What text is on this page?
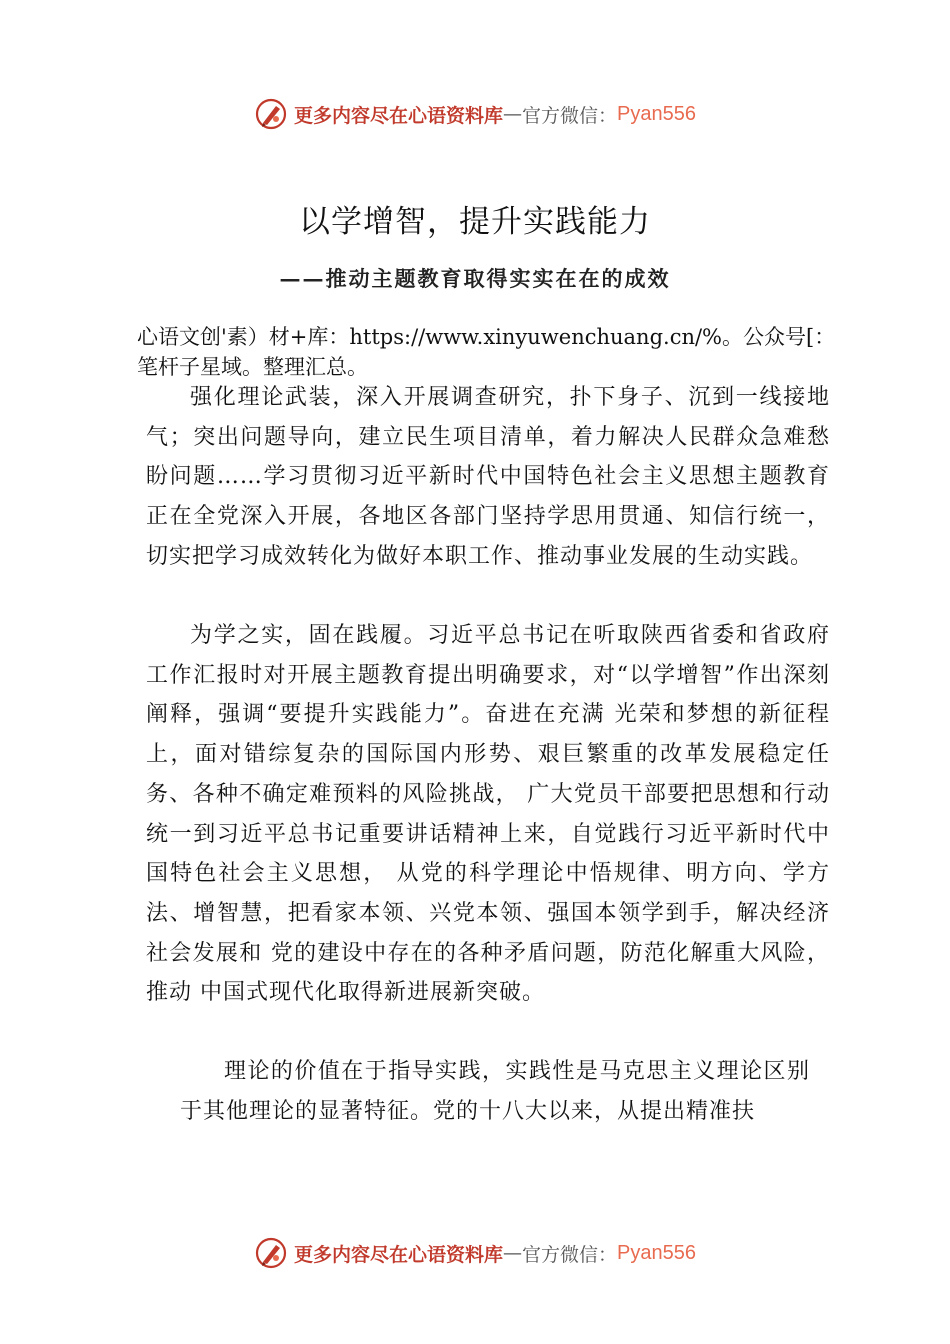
更多内容尽在心语资料库 — 官方微信： Pyan556
以学增智，提升实践能力
——推动主题教育取得实实在在的成效

心语文创'素）材+库：https://www.xinyuwenchuang.cn/%。公众号[：笔杆子星域。整理汇总。

强化理论武装，深入开展调查研究，扑下身子、沉到一线接地气；突出问题导向，建立民生项目清单，着力解决人民群众急难愁盼问题……学习贯彻习近平新时代中国特色社会主义思想主题教育正在全党深入开展，各地区各部门坚持学思用贯通、知信行统一，切实把学习成效转化为做好本职工作、推动事业发展的生动实践。

为学之实，固在践履。习近平总书记在听取陕西省委和省政府工作汇报时对开展主题教育提出明确要求，对“以学增智”作出深刻阐释，强调“要提升实践能力”。奋进在充满 光荣和梦想的新征程上，面对错综复杂的国际国内形势、艰巨繁重的改革发展稳定任务、各种不确定难预料的风险挑战， 广大党员干部要把思想和行动统一到习近平总书记重要讲话精神上来，自觉践行习近平新时代中国特色社会主义思想， 从党的科学理论中悟规律、明方向、学方法、增智慧，把看家本领、兴党本领、强国本领学到手，解决经济社会发展和 党的建设中存在的各种矛盾问题，防范化解重大风险，推动 中国式现代化取得新进展新突破。

理论的价值在于指导实践，实践性是马克思主义理论区别于其他理论的显著特征。党的十八大以来，从提出精准扶

更多内容尽在心语资料库 — 官方微信： Pyan556
